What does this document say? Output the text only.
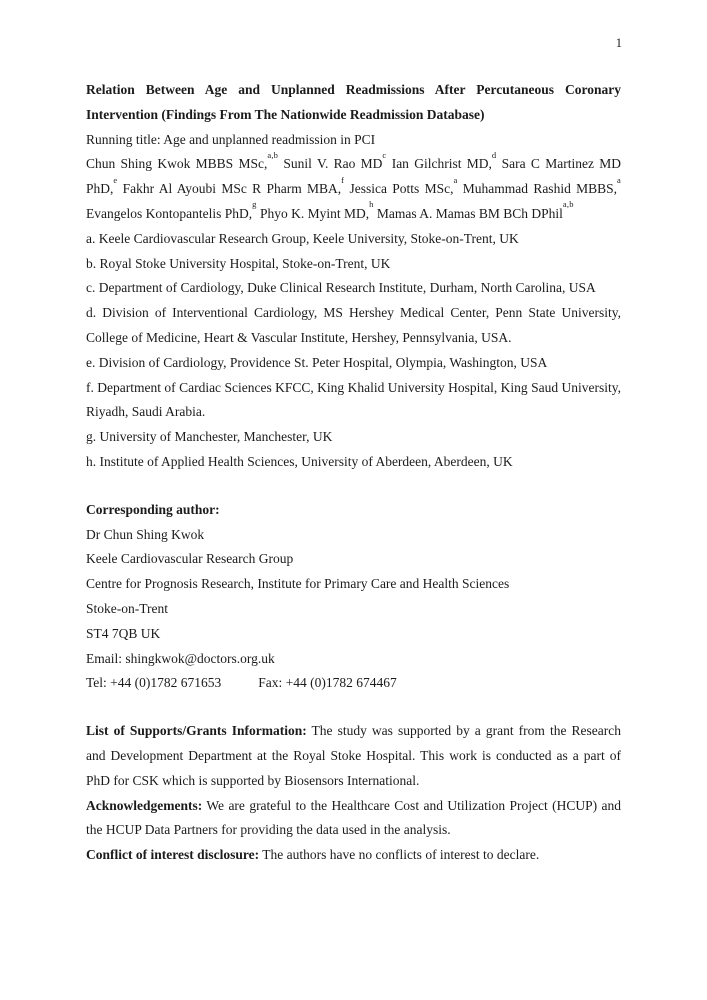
1

Relation Between Age and Unplanned Readmissions After Percutaneous Coronary Intervention (Findings From The Nationwide Readmission Database)

Running title: Age and unplanned readmission in PCI

Chun Shing Kwok MBBS MSc,$^{a,b}$ Sunil V. Rao MD$^c$ Ian Gilchrist MD,$^d$ Sara C Martinez MD PhD,$^e$ Fakhr Al Ayoubi MSc R Pharm MBA,$^f$ Jessica Potts MSc,$^a$ Muhammad Rashid MBBS,$^a$ Evangelos Kontopantelis PhD,$^g$ Phyo K. Myint MD,$^h$ Mamas A. Mamas BM BCh DPhil$^{a,b}$

a. Keele Cardiovascular Research Group, Keele University, Stoke-on-Trent, UK

b. Royal Stoke University Hospital, Stoke-on-Trent, UK

c. Department of Cardiology, Duke Clinical Research Institute, Durham, North Carolina, USA

d. Division of Interventional Cardiology, MS Hershey Medical Center, Penn State University, College of Medicine, Heart & Vascular Institute, Hershey, Pennsylvania, USA.

e. Division of Cardiology, Providence St. Peter Hospital, Olympia, Washington, USA

f. Department of Cardiac Sciences KFCC, King Khalid University Hospital, King Saud University, Riyadh, Saudi Arabia.

g. University of Manchester, Manchester, UK

h. Institute of Applied Health Sciences, University of Aberdeen, Aberdeen, UK

Corresponding author:

Dr Chun Shing Kwok

Keele Cardiovascular Research Group

Centre for Prognosis Research, Institute for Primary Care and Health Sciences

Stoke-on-Trent

ST4 7QB UK

Email: shingkwok@doctors.org.uk

Tel: +44 (0)1782 671653	Fax: +44 (0)1782 674467

List of Supports/Grants Information: The study was supported by a grant from the Research and Development Department at the Royal Stoke Hospital. This work is conducted as a part of PhD for CSK which is supported by Biosensors International.

Acknowledgements: We are grateful to the Healthcare Cost and Utilization Project (HCUP) and the HCUP Data Partners for providing the data used in the analysis.

Conflict of interest disclosure: The authors have no conflicts of interest to declare.
